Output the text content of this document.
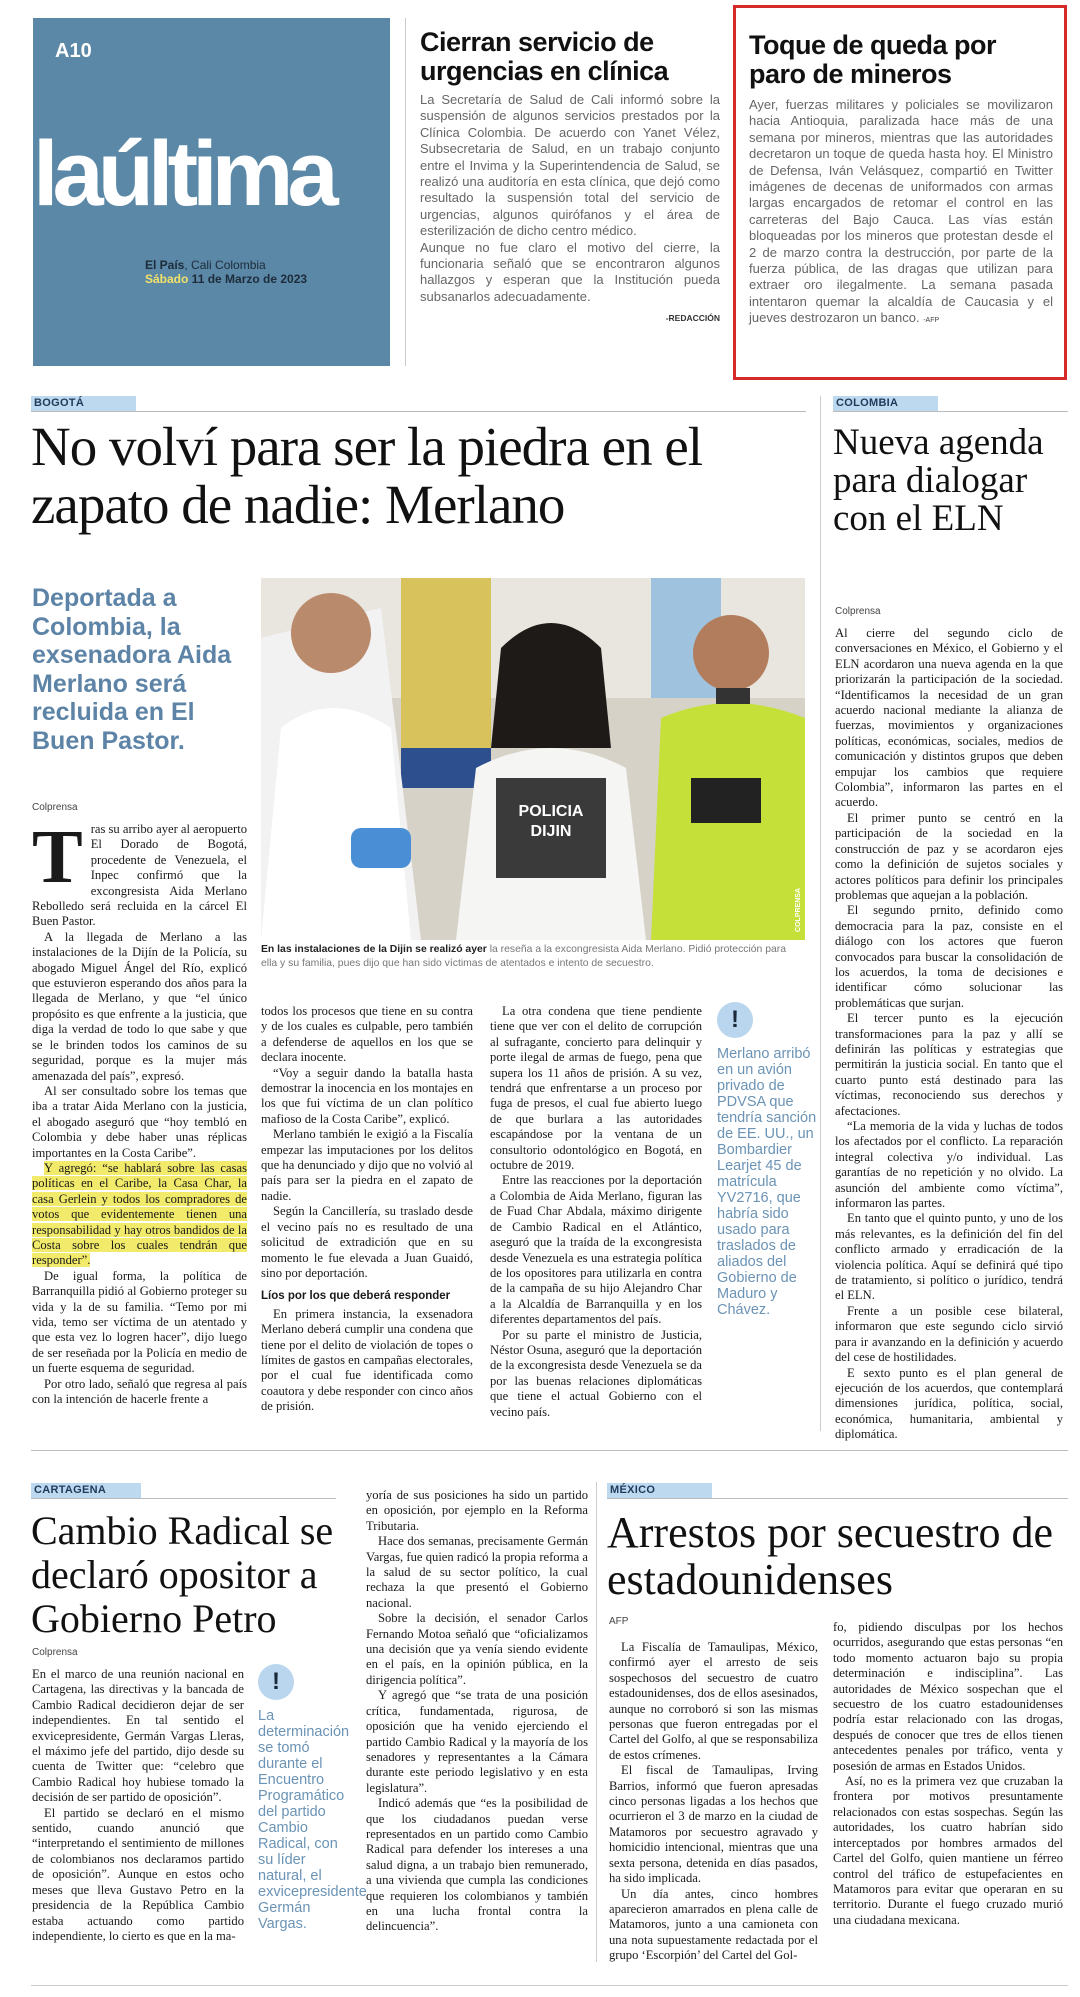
A10
laúltima
El País, Cali Colombia
Sábado 11 de Marzo de 2023
Cierran servicio de urgencias en clínica

La Secretaría de Salud de Cali informó sobre la suspensión de algunos servicios prestados por la Clínica Colombia. De acuerdo con Yanet Vélez, Subsecretaria de Salud, en un trabajo conjunto entre el Invima y la Superintendencia de Salud, se realizó una auditoría en esta clínica, que dejó como resultado la suspensión total del servicio de urgencias, algunos quirófanos y el área de esterilización de dicho centro médico.

Aunque no fue claro el motivo del cierre, la funcionaria señaló que se encontraron algunos hallazgos y esperan que la Institución pueda subsanarlos adecuadamente.

-REDACCIÓN
Toque de queda por paro de mineros
Ayer, fuerzas militares y policiales se movilizaron hacia Antioquia, paralizada hace más de una semana por mineros, mientras que las autoridades decretaron un toque de queda hasta hoy. El Ministro de Defensa, Iván Velásquez, compartió en Twitter imágenes de decenas de uniformados con armas largas encargados de retomar el control en las carreteras del Bajo Cauca. Las vías están bloqueadas por los mineros que protestan desde el 2 de marzo contra la destrucción, por parte de la fuerza pública, de las dragas que utilizan para extraer oro ilegalmente. La semana pasada intentaron quemar la alcaldía de Caucasia y el jueves destrozaron un banco. -AFP
BOGOTÁ
No volví para ser la piedra en el zapato de nadie: Merlano
Deportada a Colombia, la exsenadora Aida Merlano será recluida en El Buen Pastor.
Colprensa	POLICIA
DIJIN
COLPRENSA
En las instalaciones de la Dijin se realizó ayer la reseña a la excongresista Aida Merlano. Pidió protección para ella y su familia, pues dijo que han sido víctimas de atentados e intento de secuestro.

Tras su arribo ayer al aeropuerto El Dorado de Bogotá, procedente de Venezuela, el Inpec confirmó que la excongresista Aida Merlano Rebolledo será recluida en la cárcel El Buen Pastor.

A la llegada de Merlano a las instalaciones de la Dijín de la Policía, su abogado Miguel Ángel del Río, explicó que estuvieron esperando dos años para la llegada de Merlano, y que “el único propósito es que enfrente a la justicia, que diga la verdad de todo lo que sabe y que se le brinden todos los caminos de su seguridad, porque es la mujer más amenazada del país”, expresó.

Al ser consultado sobre los temas que iba a tratar Aida Merlano con la justicia, el abogado aseguró que “hoy tembló en Colombia y debe haber unas réplicas importantes en la Costa Caribe”.

Y agregó: “se hablará sobre las casas políticas en el Caribe, la Casa Char, la casa Gerlein y todos los compradores de votos que evidentemente tienen una responsabilidad y hay otros bandidos de la Costa sobre los cuales tendrán que responder”.

De igual forma, la política de Barranquilla pidió al Gobierno proteger su vida y la de su familia. “Temo por mi vida, temo ser víctima de un atentado y que esta vez lo logren hacer”, dijo luego de ser reseñada por la Policía en medio de un fuerte esquema de seguridad.

Por otro lado, señaló que regresa al país con la intención de hacerle frente a

todos los procesos que tiene en su contra y de los cuales es culpable, pero también a defenderse de aquellos en los que se declara inocente.

“Voy a seguir dando la batalla hasta demostrar la inocencia en los montajes en los que fui víctima de un clan político mafioso de la Costa Caribe”, explicó.

Merlano también le exigió a la Fiscalía empezar las imputaciones por los delitos que ha denunciado y dijo que no volvió al país para ser la piedra en el zapato de nadie.

Según la Cancillería, su traslado desde el vecino país no es resultado de una solicitud de extradición que en su momento le fue elevada a Juan Guaidó, sino por deportación.

Líos por los que deberá responder

En primera instancia, la exsenadora Merlano deberá cumplir una condena que tiene por el delito de violación de topes o límites de gastos en campañas electorales, por el cual fue identificada como coautora y debe responder con cinco años de prisión.

La otra condena que tiene pendiente tiene que ver con el delito de corrupción al sufragante, concierto para delinquir y porte ilegal de armas de fuego, pena que supera los 11 años de prisión. A su vez, tendrá que enfrentarse a un proceso por fuga de presos, el cual fue abierto luego de que burlara a las autoridades escapándose por la ventana de un consultorio odontológico en Bogotá, en octubre de 2019.

Entre las reacciones por la deportación a Colombia de Aida Merlano, figuran las de Fuad Char Abdala, máximo dirigente de Cambio Radical en el Atlántico, aseguró que la traída de la excongresista desde Venezuela es una estrategia política de los opositores para utilizarla en contra de la campaña de su hijo Alejandro Char a la Alcaldía de Barranquilla y en los diferentes departamentos del país.

Por su parte el ministro de Justicia, Néstor Osuna, aseguró que la deportación de la excongresista desde Venezuela se da por las buenas relaciones diplomáticas que tiene el actual Gobierno con el vecino país.

!
Merlano arribó en un avión privado de PDVSA que tendría sanción de EE. UU., un Bombardier Learjet 45 de matrícula YV2716, que habría sido usado para traslados de aliados del Gobierno de Maduro y Chávez.
COLOMBIA
Nueva agenda para dialogar con el ELN
Colprensa

Al cierre del segundo ciclo de conversaciones en México, el Gobierno y el ELN acordaron una nueva agenda en la que priorizarán la participación de la sociedad. “Identificamos la necesidad de un gran acuerdo nacional mediante la alianza de fuerzas, movimientos y organizaciones políticas, económicas, sociales, medios de comunicación y distintos grupos que deben empujar los cambios que requiere Colombia”, informaron las partes en el acuerdo.

El primer punto se centró en la participación de la sociedad en la construcción de paz y se acordaron ejes como la definición de sujetos sociales y actores políticos para definir los principales problemas que aquejan a la población.

El segundo prnito, definido como democracia para la paz, consiste en el diálogo con los actores que fueron convocados para buscar la consolidación de los acuerdos, la toma de decisiones e identificar cómo solucionar las problemáticas que surjan.

El tercer punto es la ejecución transformaciones para la paz y allí se definirán las políticas y estrategias que permitirán la justicia social. En tanto que el cuarto punto está destinado para las víctimas, reconociendo sus derechos y afectaciones.

“La memoria de la vida y luchas de todos los afectados por el conflicto. La reparación integral colectiva y/o individual. Las garantías de no repetición y no olvido. La asunción del ambiente como víctima”, informaron las partes.

En tanto que el quinto punto, y uno de los más relevantes, es la definición del fin del conflicto armado y erradicación de la violencia política. Aquí se definirá qué tipo de tratamiento, si político o jurídico, tendrá el ELN.

Frente a un posible cese bilateral, informaron que este segundo ciclo sirvió para ir avanzando en la definición y acuerdo del cese de hostilidades.

E sexto punto es el plan general de ejecución de los acuerdos, que contemplará dimensiones jurídica, política, social, económica, humanitaria, ambiental y diplomática.

CARTAGENA
Cambio Radical se declaró opositor a Gobierno Petro
Colprensa

En el marco de una reunión nacional en Cartagena, las directivas y la bancada de Cambio Radical decidieron dejar de ser independientes. En tal sentido el exvicepresidente, Germán Vargas Lleras, el máximo jefe del partido, dijo desde su cuenta de Twitter que: “celebro que Cambio Radical hoy hubiese tomado la decisión de ser partido de oposición”.

El partido se declaró en el mismo sentido, cuando anunció que “interpretando el sentimiento de millones de colombianos nos declaramos partido de oposición”. Aunque en estos ocho meses que lleva Gustavo Petro en la presidencia de la República Cambio estaba actuando como partido independiente, lo cierto es que en la ma-

!
La determinación se tomó durante el Encuentro Programático del partido Cambio Radical, con su líder natural, el exvicepresidente Germán Vargas.

yoría de sus posiciones ha sido un partido en oposición, por ejemplo en la Reforma Tributaria.

Hace dos semanas, precisamente Germán Vargas, fue quien radicó la propia reforma a la salud de su sector político, la cual rechaza la que presentó el Gobierno nacional.

Sobre la decisión, el senador Carlos Fernando Motoa señaló que “oficializamos una decisión que ya venía siendo evidente en el país, en la opinión pública, en la dirigencia política”.

Y agregó que “se trata de una posición crítica, fundamentada, rigurosa, de oposición que ha venido ejerciendo el partido Cambio Radical y la mayoría de los senadores y representantes a la Cámara durante este periodo legislativo y en esta legislatura”.

Indicó además que “es la posibilidad de que los ciudadanos puedan verse representados en un partido como Cambio Radical para defender los intereses a una salud digna, a un trabajo bien remunerado, a una vivienda que cumpla las condiciones que requieren los colombianos y también en una lucha frontal contra la delincuencia”.

MÉXICO
Arrestos por secuestro de estadounidenses
AFP

La Fiscalía de Tamaulipas, México, confirmó ayer el arresto de seis sospechosos del secuestro de cuatro estadounidenses, dos de ellos asesinados, aunque no corroboró si son las mismas personas que fueron entregadas por el Cartel del Golfo, al que se responsabiliza de estos crímenes.

El fiscal de Tamaulipas, Irving Barrios, informó que fueron apresadas cinco personas ligadas a los hechos que ocurrieron el 3 de marzo en la ciudad de Matamoros por secuestro agravado y homicidio intencional, mientras que una sexta persona, detenida en días pasados, ha sido implicada.

Un día antes, cinco hombres aparecieron amarrados en plena calle de Matamoros, junto a una camioneta con una nota supuestamente redactada por el grupo ‘Escorpión’ del Cartel del Gol-

fo, pidiendo disculpas por los hechos ocurridos, asegurando que estas personas “en todo momento actuaron bajo su propia determinación e indisciplina”. Las autoridades de México sospechan que el secuestro de los cuatro estadounidenses podría estar relacionado con las drogas, después de conocer que tres de ellos tienen antecedentes penales por tráfico, venta y posesión de armas en Estados Unidos.

Así, no es la primera vez que cruzaban la frontera por motivos presuntamente relacionados con estas sospechas. Según las autoridades, los cuatro habrían sido interceptados por hombres armados del Cartel del Golfo, quien mantiene un férreo control del tráfico de estupefacientes en Matamoros para evitar que operaran en su territorio. Durante el fuego cruzado murió una ciudadana mexicana.
